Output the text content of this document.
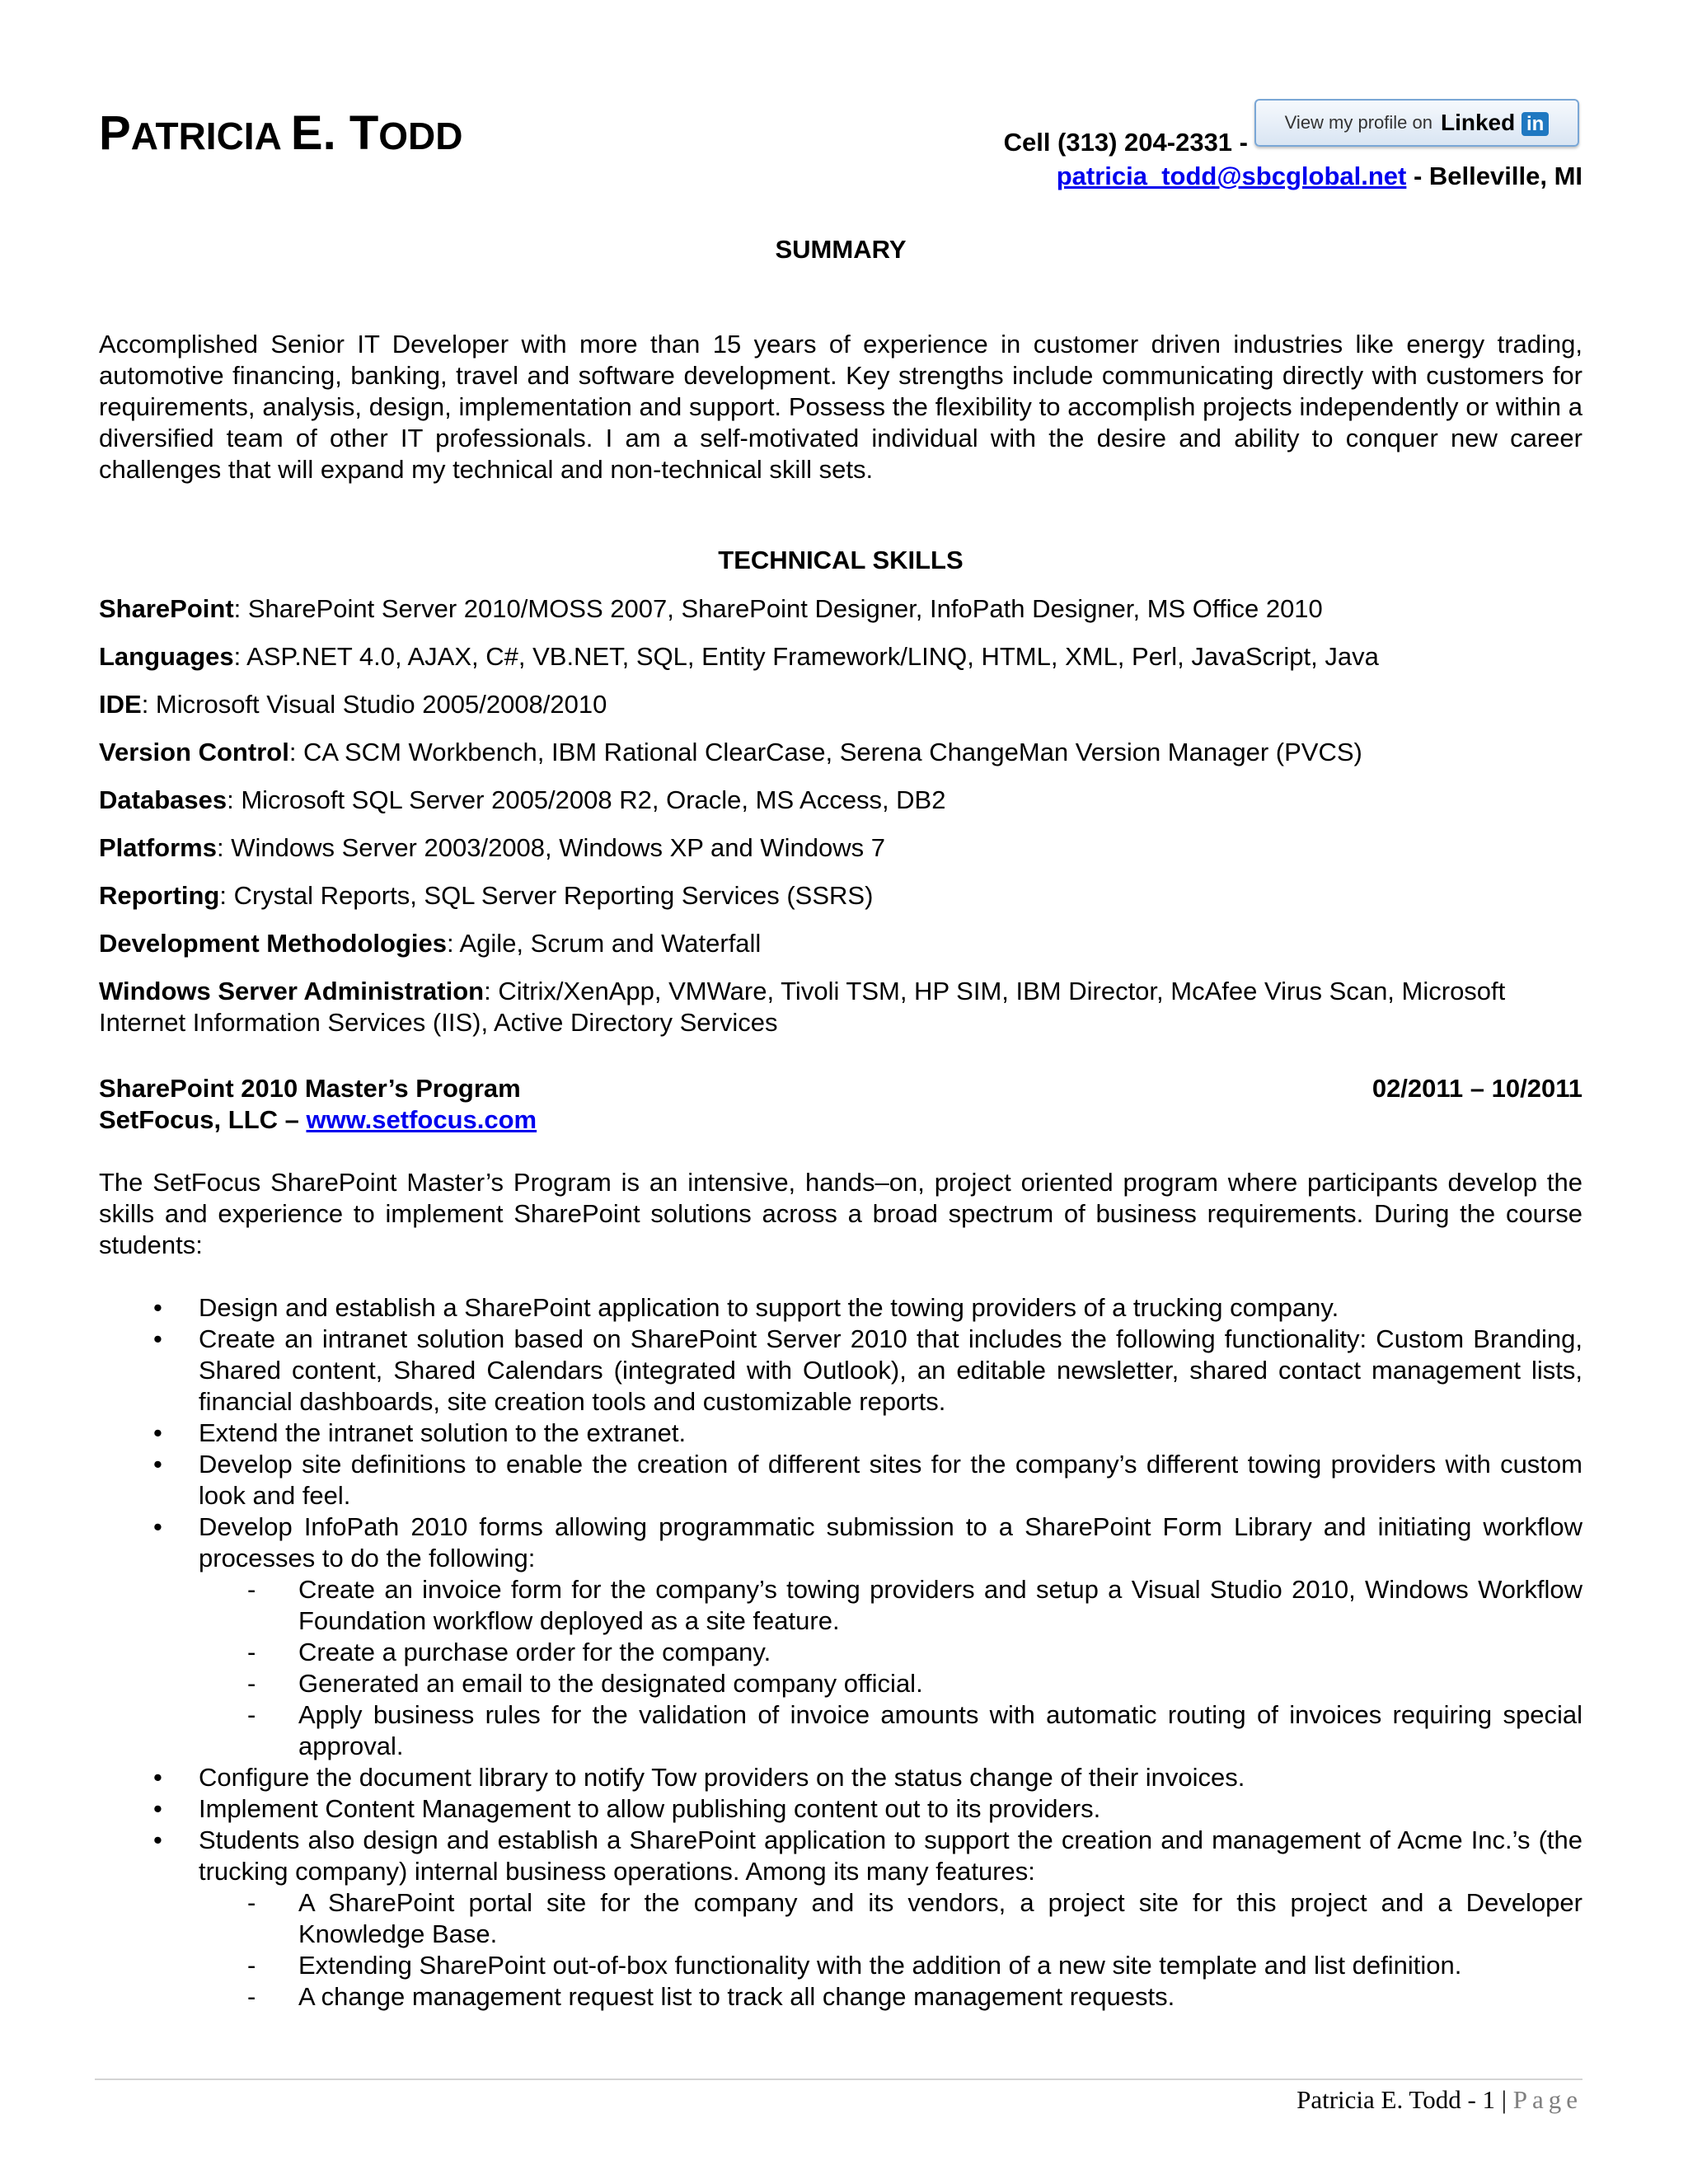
PATRICIA E. TODD	Cell (313) 204-2331 -
View my profile on Linked in
patricia_todd@sbcglobal.net - Belleville, MI
SUMMARY

Accomplished Senior IT Developer with more than 15 years of experience in customer driven industries like energy trading, automotive financing, banking, travel and software development. Key strengths include communicating directly with customers for requirements, analysis, design, implementation and support. Possess the flexibility to accomplish projects independently or within a diversified team of other IT professionals. I am a self-motivated individual with the desire and ability to conquer new career challenges that will expand my technical and non-technical skill sets.

TECHNICAL SKILLS

SharePoint: SharePoint Server 2010/MOSS 2007, SharePoint Designer, InfoPath Designer, MS Office 2010

Languages: ASP.NET 4.0, AJAX, C#, VB.NET, SQL, Entity Framework/LINQ, HTML, XML, Perl, JavaScript, Java

IDE: Microsoft Visual Studio 2005/2008/2010

Version Control: CA SCM Workbench, IBM Rational ClearCase, Serena ChangeMan Version Manager (PVCS)

Databases: Microsoft SQL Server 2005/2008 R2, Oracle, MS Access, DB2

Platforms: Windows Server 2003/2008, Windows XP and Windows 7

Reporting: Crystal Reports, SQL Server Reporting Services (SSRS)

Development Methodologies: Agile, Scrum and Waterfall

Windows Server Administration: Citrix/XenApp, VMWare, Tivoli TSM, HP SIM, IBM Director, McAfee Virus Scan, Microsoft Internet Information Services (IIS), Active Directory Services

SharePoint 2010 Master’s Program	02/2011 – 10/2011
SetFocus, LLC – www.setfocus.com

The SetFocus SharePoint Master’s Program is an intensive, hands–on, project oriented program where participants develop the skills and experience to implement SharePoint solutions across a broad spectrum of business requirements. During the course students:

• Design and establish a SharePoint application to support the towing providers of a trucking company.
• Create an intranet solution based on SharePoint Server 2010 that includes the following functionality: Custom Branding, Shared content, Shared Calendars (integrated with Outlook), an editable newsletter, shared contact management lists, financial dashboards, site creation tools and customizable reports.
• Extend the intranet solution to the extranet.
• Develop site definitions to enable the creation of different sites for the company’s different towing providers with custom look and feel.
• Develop InfoPath 2010 forms allowing programmatic submission to a SharePoint Form Library and initiating workflow processes to do the following:
- Create an invoice form for the company’s towing providers and setup a Visual Studio 2010, Windows Workflow Foundation workflow deployed as a site feature.
- Create a purchase order for the company.
- Generated an email to the designated company official.
- Apply business rules for the validation of invoice amounts with automatic routing of invoices requiring special approval.
• Configure the document library to notify Tow providers on the status change of their invoices.
• Implement Content Management to allow publishing content out to its providers.
• Students also design and establish a SharePoint application to support the creation and management of Acme Inc.’s (the trucking company) internal business operations. Among its many features:
- A SharePoint portal site for the company and its vendors, a project site for this project and a Developer Knowledge Base.
- Extending SharePoint out-of-box functionality with the addition of a new site template and list definition.
- A change management request list to track all change management requests.
Patricia E. Todd - 1 | Page
